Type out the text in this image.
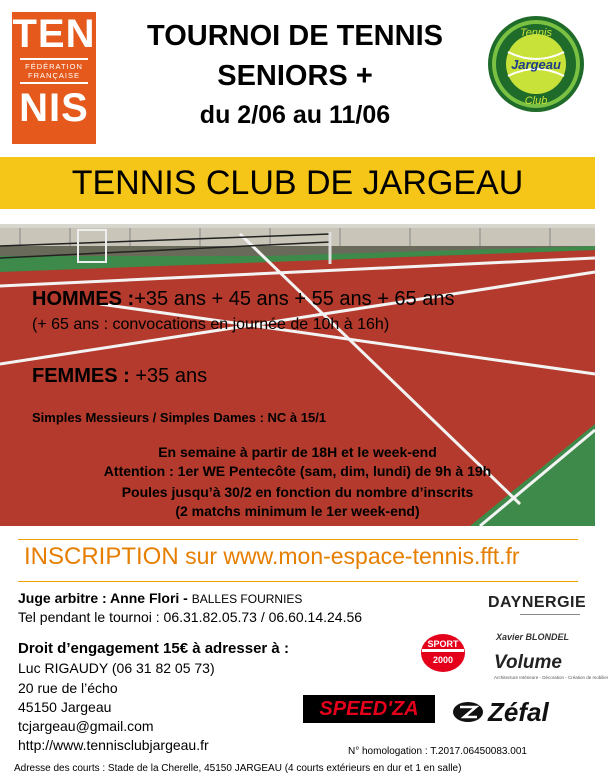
TEN
FÉDÉRATION
FRANÇAISE
NIS
TOURNOI DE TENNIS
SENIORS +
du 2/06 au 11/06
Tennis
Jargeau
Club
TENNIS CLUB DE JARGEAU
HOMMES :+35 ans + 45 ans + 55 ans + 65 ans
(+ 65 ans : convocations en journée de 10h à 16h)
FEMMES : +35 ans
Simples Messieurs / Simples Dames : NC à 15/1
En semaine à partir de 18H et le week-end
Attention : 1er WE Pentecôte (sam, dim, lundi) de 9h à 19h
Poules jusqu’à 30/2 en fonction du nombre d’inscrits
(2 matchs minimum le 1er week-end)
INSCRIPTION sur www.mon-espace-tennis.fft.fr
Juge arbitre : Anne Flori - BALLES FOURNIES
Tel pendant le tournoi : 06.31.82.05.73 / 06.60.14.24.56
Droit d’engagement 15€ à adresser à :
Luc RIGAUDY (06 31 82 05 73)
20 rue de l’écho
45150 Jargeau
tcjargeau@gmail.com
http://www.tennisclubjargeau.fr	N° homologation : T.2017.06450083.001
Adresse des courts : Stade de la Cherelle, 45150 JARGEAU (4 courts extérieurs en dur et 1 en salle)
DAYNERGIE
Xavier BLONDEL
Volume
Architecture Intérieure - Décoration - Création de mobilier
SPORT
2000
SPEED'ZA	Zéfal
